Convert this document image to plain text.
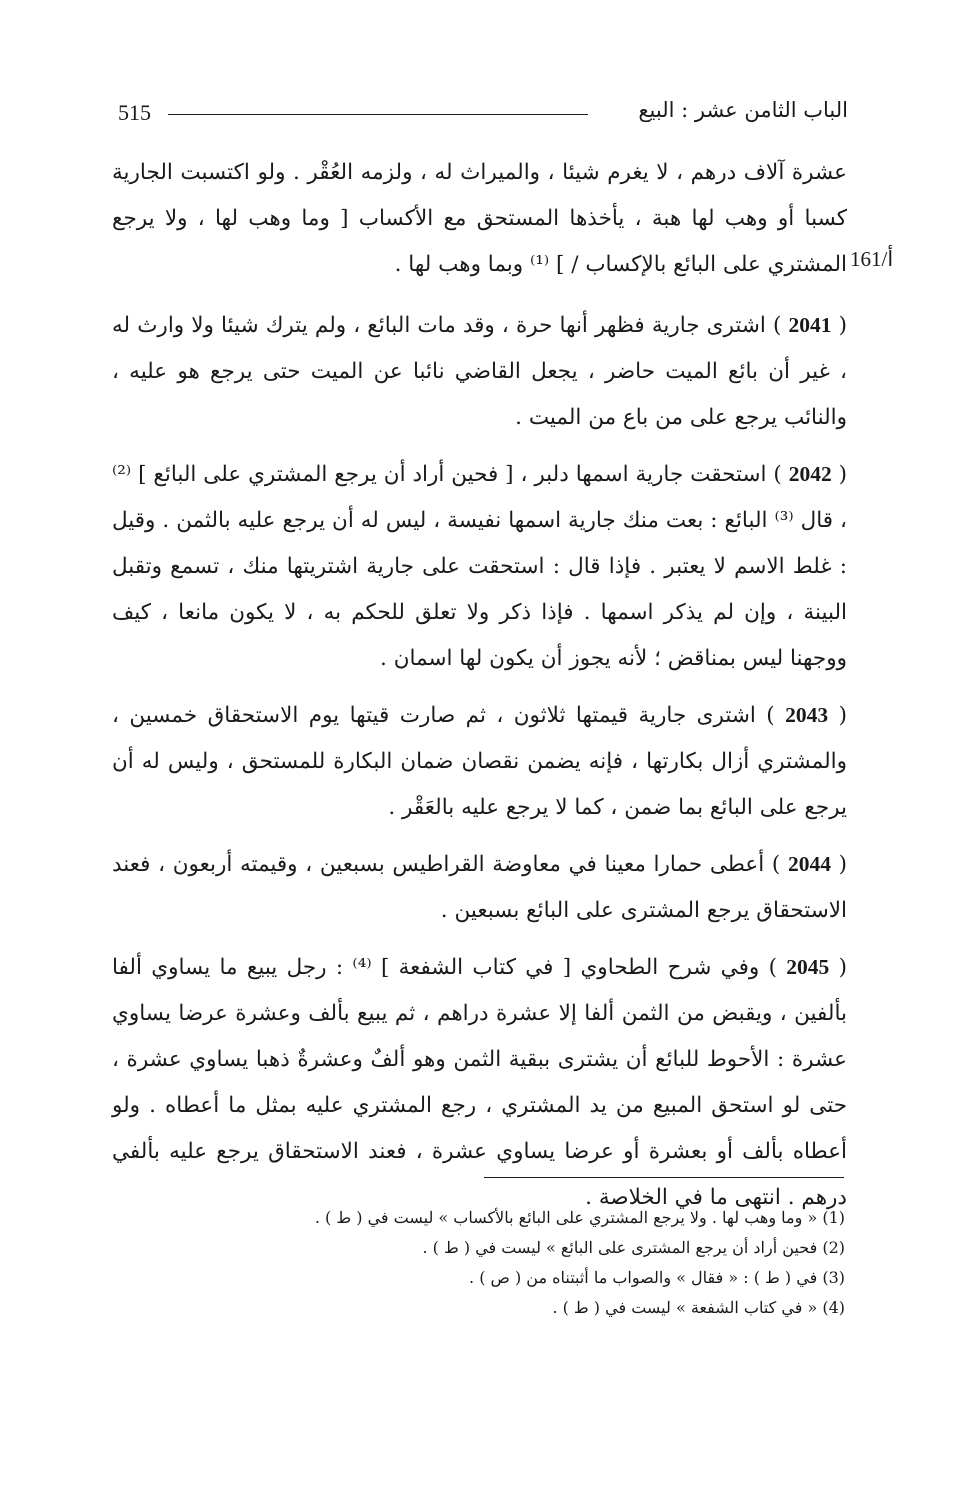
515	الباب الثامن عشر : البيع
161/أ

عشرة آلاف درهم ، لا يغرم شيئا ، والميراث له ، ولزمه العُقْر . ولو اكتسبت الجارية كسبا أو وهب لها هبة ، يأخذها المستحق مع الأكساب [ وما وهب لها ، ولا يرجع المشتري على البائع بالإكساب / ] ⁽¹⁾ وبما وهب لها .

( 2041 ) اشترى جارية فظهر أنها حرة ، وقد مات البائع ، ولم يترك شيئا ولا وارث له ، غير أن بائع الميت حاضر ، يجعل القاضي نائبا عن الميت حتى يرجع هو عليه ، والنائب يرجع على من باع من الميت .

( 2042 ) استحقت جارية اسمها دلبر ، [ فحين أراد أن يرجع المشتري على البائع ] ⁽²⁾ ، قال ⁽³⁾ البائع : بعت منك جارية اسمها نفيسة ، ليس له أن يرجع عليه بالثمن . وقيل : غلط الاسم لا يعتبر . فإذا قال : استحقت على جارية اشتريتها منك ، تسمع وتقبل البينة ، وإن لم يذكر اسمها . فإذا ذكر ولا تعلق للحكم به ، لا يكون مانعا ، كيف ووجهنا ليس بمناقض ؛ لأنه يجوز أن يكون لها اسمان .

( 2043 ) اشترى جارية قيمتها ثلاثون ، ثم صارت قيتها يوم الاستحقاق خمسين ، والمشتري أزال بكارتها ، فإنه يضمن نقصان ضمان البكارة للمستحق ، وليس له أن يرجع على البائع بما ضمن ، كما لا يرجع عليه بالعَقْر .

( 2044 ) أعطى حمارا معينا في معاوضة القراطيس بسبعين ، وقيمته أربعون ، فعند الاستحقاق يرجع المشترى على البائع بسبعين .

( 2045 ) وفي شرح الطحاوي [ في كتاب الشفعة ] ⁽⁴⁾ : رجل يبيع ما يساوي ألفا بألفين ، ويقبض من الثمن ألفا إلا عشرة دراهم ، ثم يبيع بألف وعشرة عرضا يساوي عشرة : الأحوط للبائع أن يشترى ببقية الثمن وهو ألفٌ وعشرةٌ ذهبا يساوي عشرة ، حتى لو استحق المبيع من يد المشتري ، رجع المشتري عليه بمثل ما أعطاه . ولو أعطاه بألف أو بعشرة أو عرضا يساوي عشرة ، فعند الاستحقاق يرجع عليه بألفي درهم . انتهى ما في الخلاصة .

(1) « وما وهب لها . ولا يرجع المشتري على البائع بالأكساب » ليست في ( ط ) .

(2) فحين أراد أن يرجع المشترى على البائع » ليست في ( ط ) .

(3) في ( ط ) : « فقال » والصواب ما أثبتناه من ( ص ) .

(4) « في كتاب الشفعة » ليست في ( ط ) .
